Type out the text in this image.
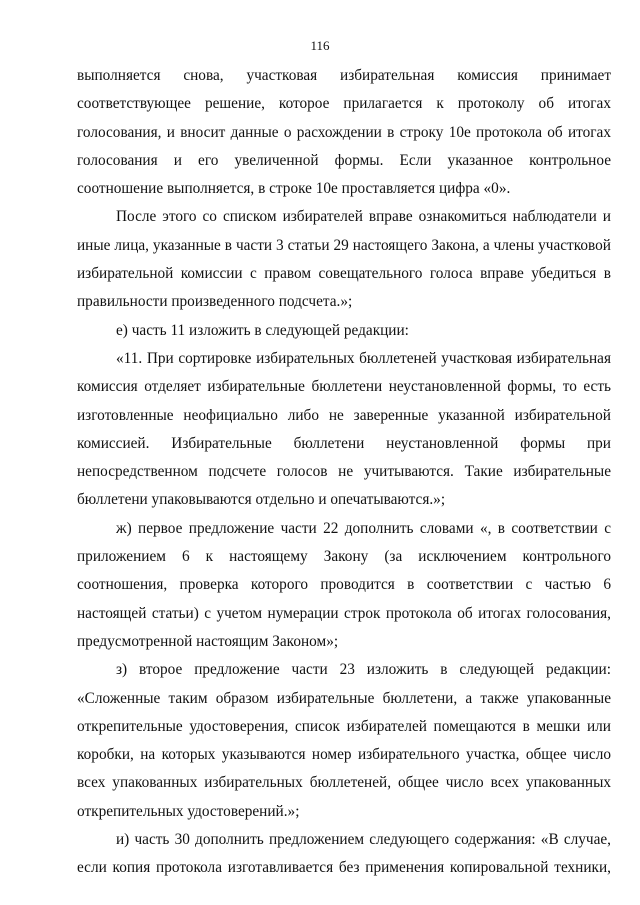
116

выполняется снова, участковая избирательная комиссия принимает соответствующее решение, которое прилагается к протоколу об итогах голосования, и вносит данные о расхождении в строку 10е протокола об итогах голосования и его увеличенной формы. Если указанное контрольное соотношение выполняется, в строке 10е проставляется цифра «0».

После этого со списком избирателей вправе ознакомиться наблюдатели и иные лица, указанные в части 3 статьи 29 настоящего Закона, а члены участковой избирательной комиссии с правом совещательного голоса вправе убедиться в правильности произведенного подсчета.»;

е) часть 11 изложить в следующей редакции:

«11. При сортировке избирательных бюллетеней участковая избирательная комиссия отделяет избирательные бюллетени неустановленной формы, то есть изготовленные неофициально либо не заверенные указанной избирательной комиссией. Избирательные бюллетени неустановленной формы при непосредственном подсчете голосов не учитываются. Такие избирательные бюллетени упаковываются отдельно и опечатываются.»;

ж) первое предложение части 22 дополнить словами «, в соответствии с приложением 6 к настоящему Закону (за исключением контрольного соотношения, проверка которого проводится в соответствии с частью 6 настоящей статьи) с учетом нумерации строк протокола об итогах голосования, предусмотренной настоящим Законом»;

з) второе предложение части 23 изложить в следующей редакции: «Сложенные таким образом избирательные бюллетени, а также упакованные открепительные удостоверения, список избирателей помещаются в мешки или коробки, на которых указываются номер избирательного участка, общее число всех упакованных избирательных бюллетеней, общее число всех упакованных открепительных удостоверений.»;

и) часть 30 дополнить предложением следующего содержания: «В случае, если копия протокола изготавливается без применения копировальной техники,
